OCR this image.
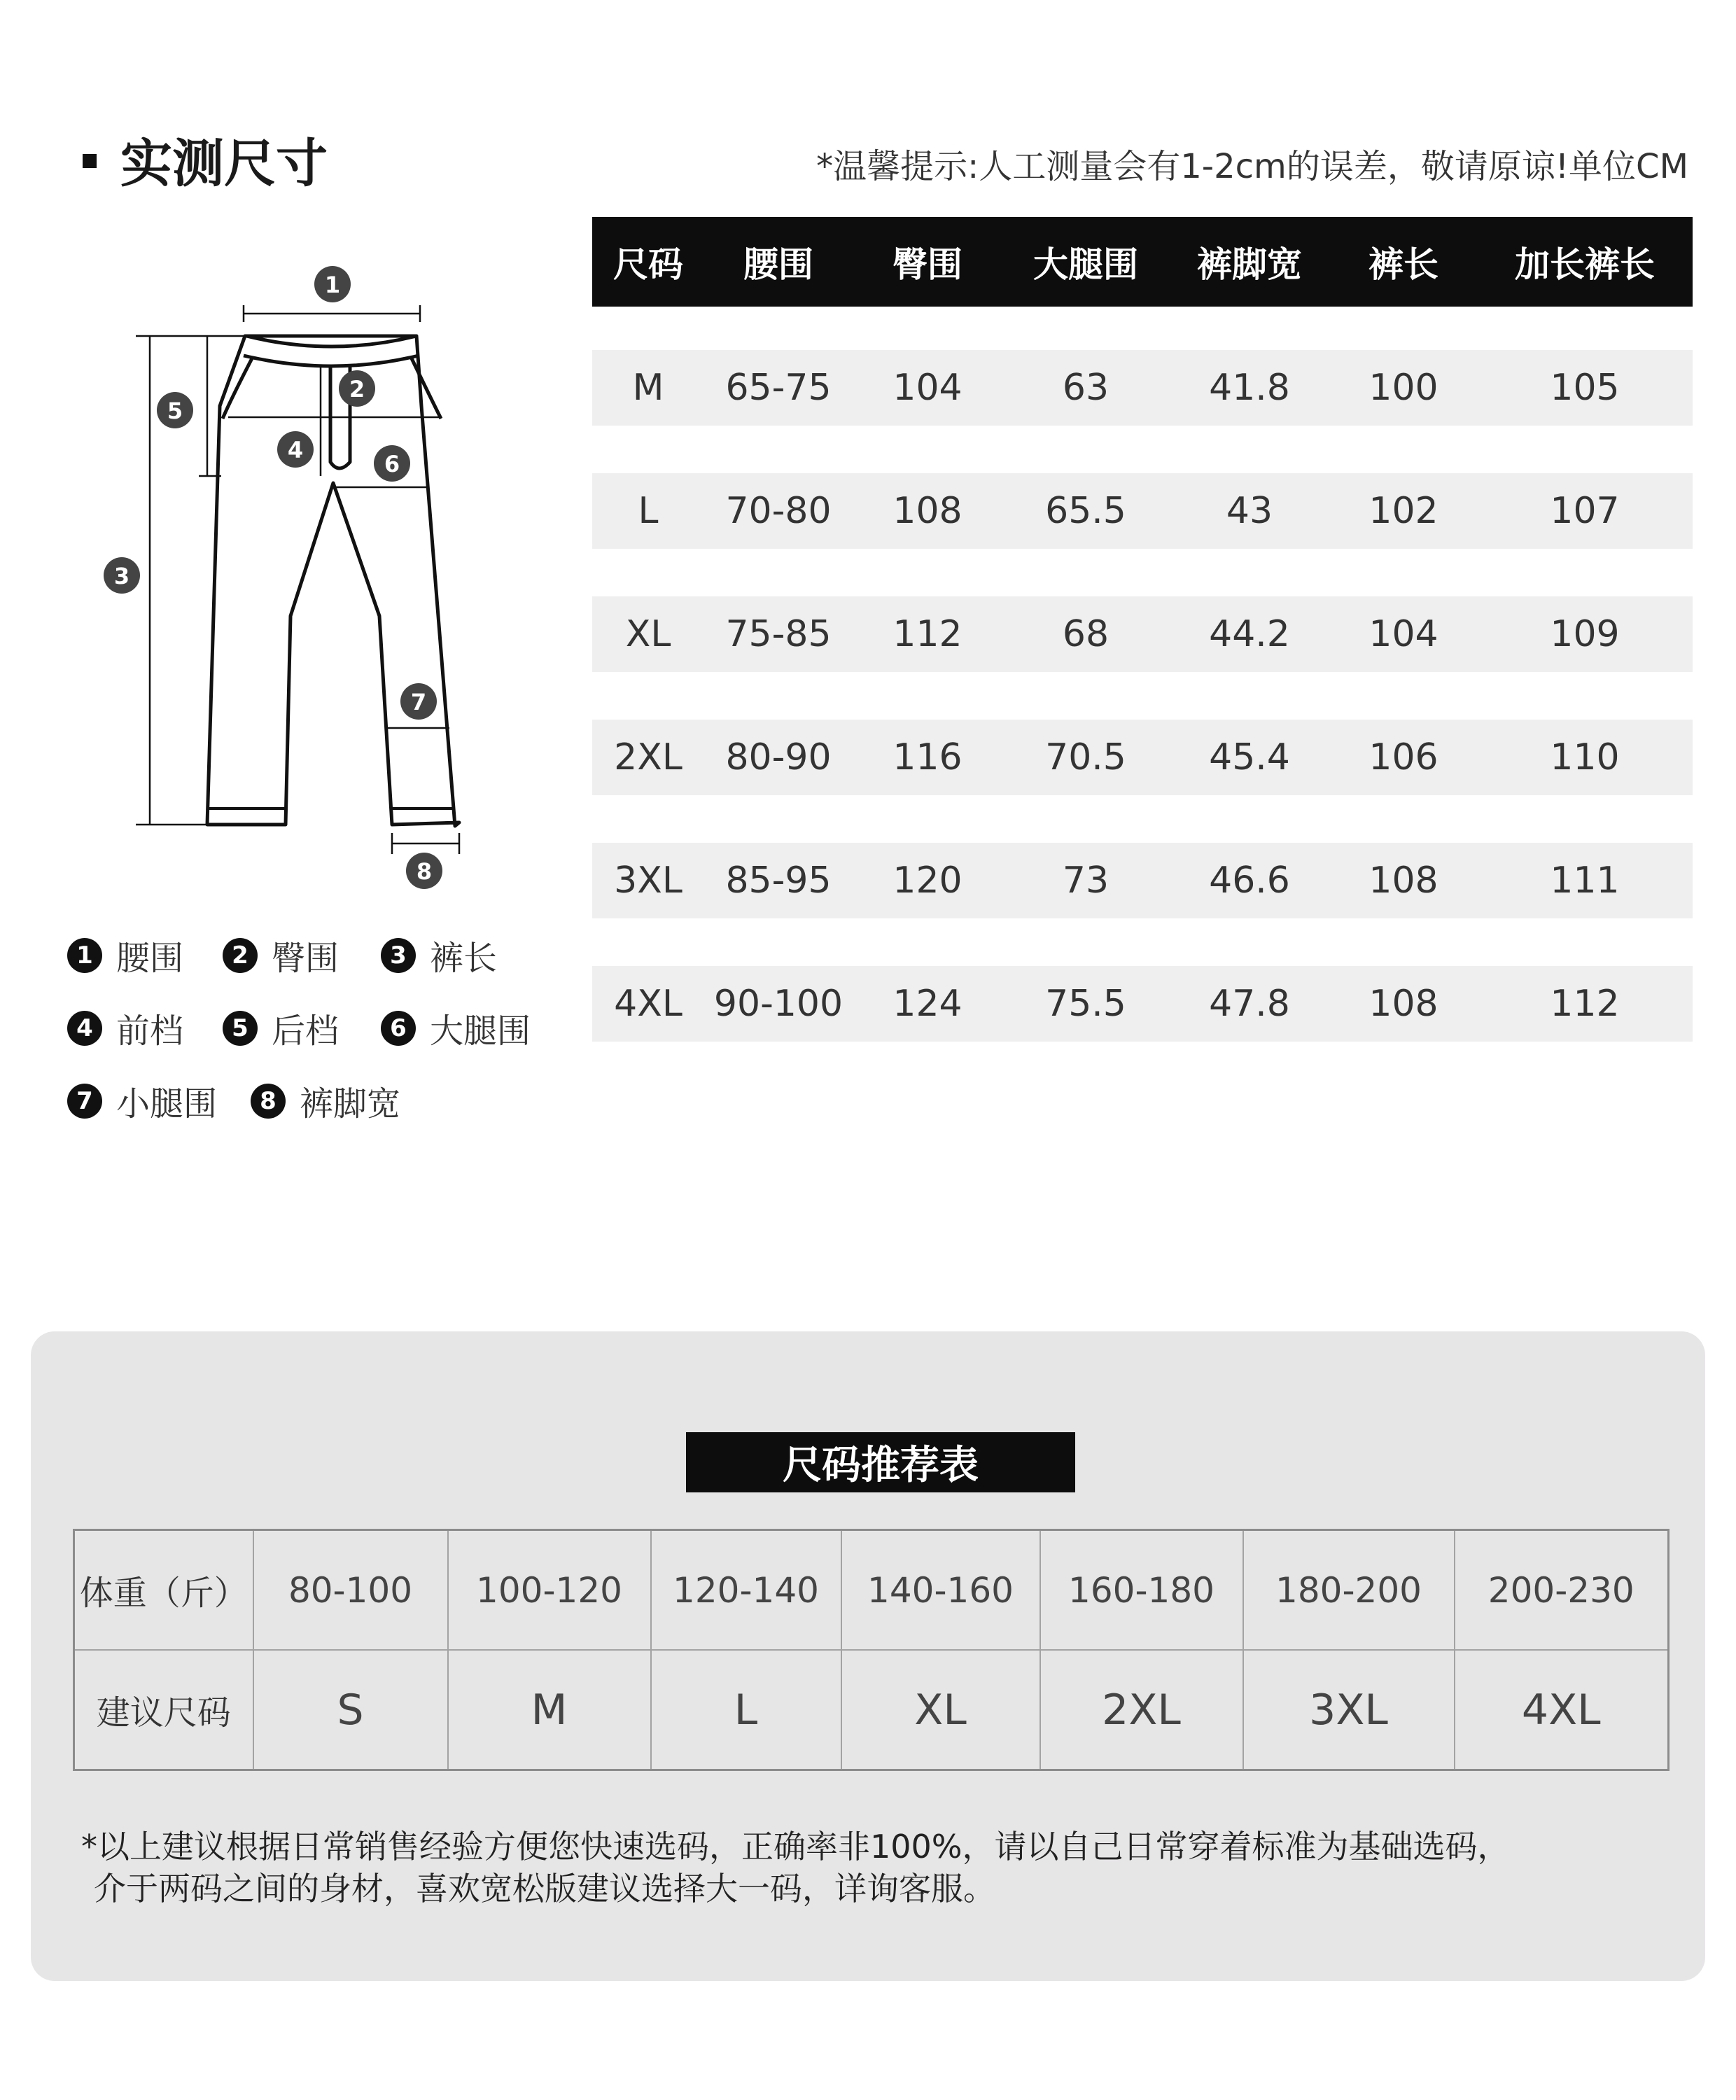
实测尺寸	*温馨提示:人工测量会有1-2cm的误差，敬请原谅!单位CM
尺码	腰围	臀围	大腿围	裤脚宽	裤长	加长裤长
M	65-75	104	63	41.8	100	105
L	70-80	108	65.5	43	102	107
XL	75-85	112	68	44.2	104	109
2XL	80-90	116	70.5	45.4	106	110
3XL	85-95	120	73	46.6	108	111
4XL 90-100	124	75.5	47.8	108	112
1
2
3
4
5
6
7
8
1 腰围	2 臀围	3 裤长
4 前档	5 后档	6 大腿围
7 小腿围	8 裤脚宽
尺码推荐表
体重（斤）	80-100	100-120	120-140	140-160	160-180	180-200	200-230
建议尺码	S	M	L	XL	2XL	3XL	4XL
*以上建议根据日常销售经验方便您快速选码，正确率非100%，请以自己日常穿着标准为基础选码，
介于两码之间的身材，喜欢宽松版建议选择大一码，详询客服。
